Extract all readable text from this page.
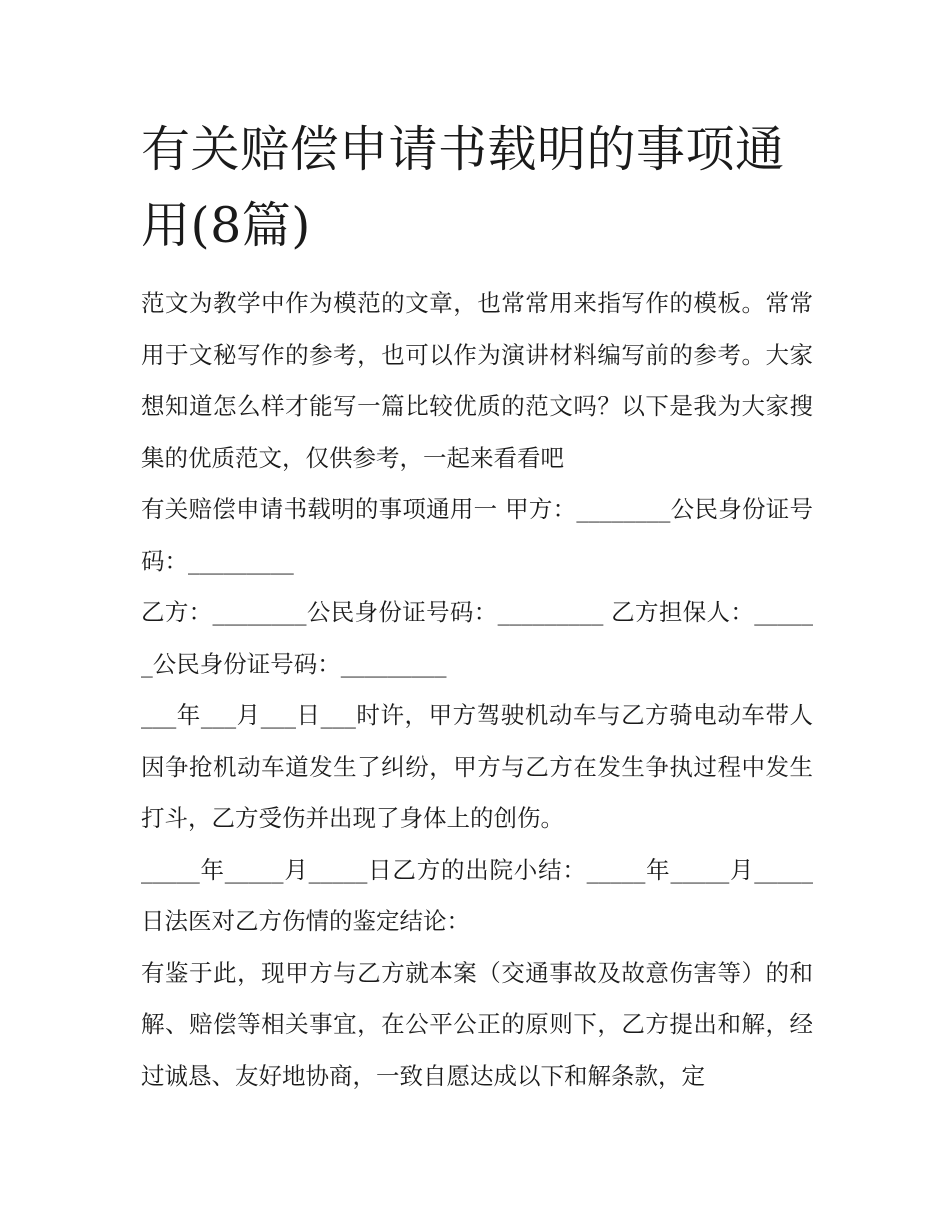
有关赔偿申请书载明的事项通用(8篇)

范文为教学中作为模范的文章，也常常用来指写作的模板。常常用于文秘写作的参考，也可以作为演讲材料编写前的参考。大家想知道怎么样才能写一篇比较优质的范文吗？以下是我为大家搜集的优质范文，仅供参考，一起来看看吧

有关赔偿申请书载明的事项通用一 甲方：________公民身份证号码：_________

乙方：________公民身份证号码：_________ 乙方担保人：______公民身份证号码：_________

___年___月___日___时许，甲方驾驶机动车与乙方骑电动车带人因争抢机动车道发生了纠纷，甲方与乙方在发生争执过程中发生打斗，乙方受伤并出现了身体上的创伤。

_____年_____月_____日乙方的出院小结：_____年_____月_____日法医对乙方伤情的鉴定结论：

有鉴于此，现甲方与乙方就本案（交通事故及故意伤害等）的和解、赔偿等相关事宜，在公平公正的原则下，乙方提出和解，经过诚恳、友好地协商，一致自愿达成以下和解条款，定
